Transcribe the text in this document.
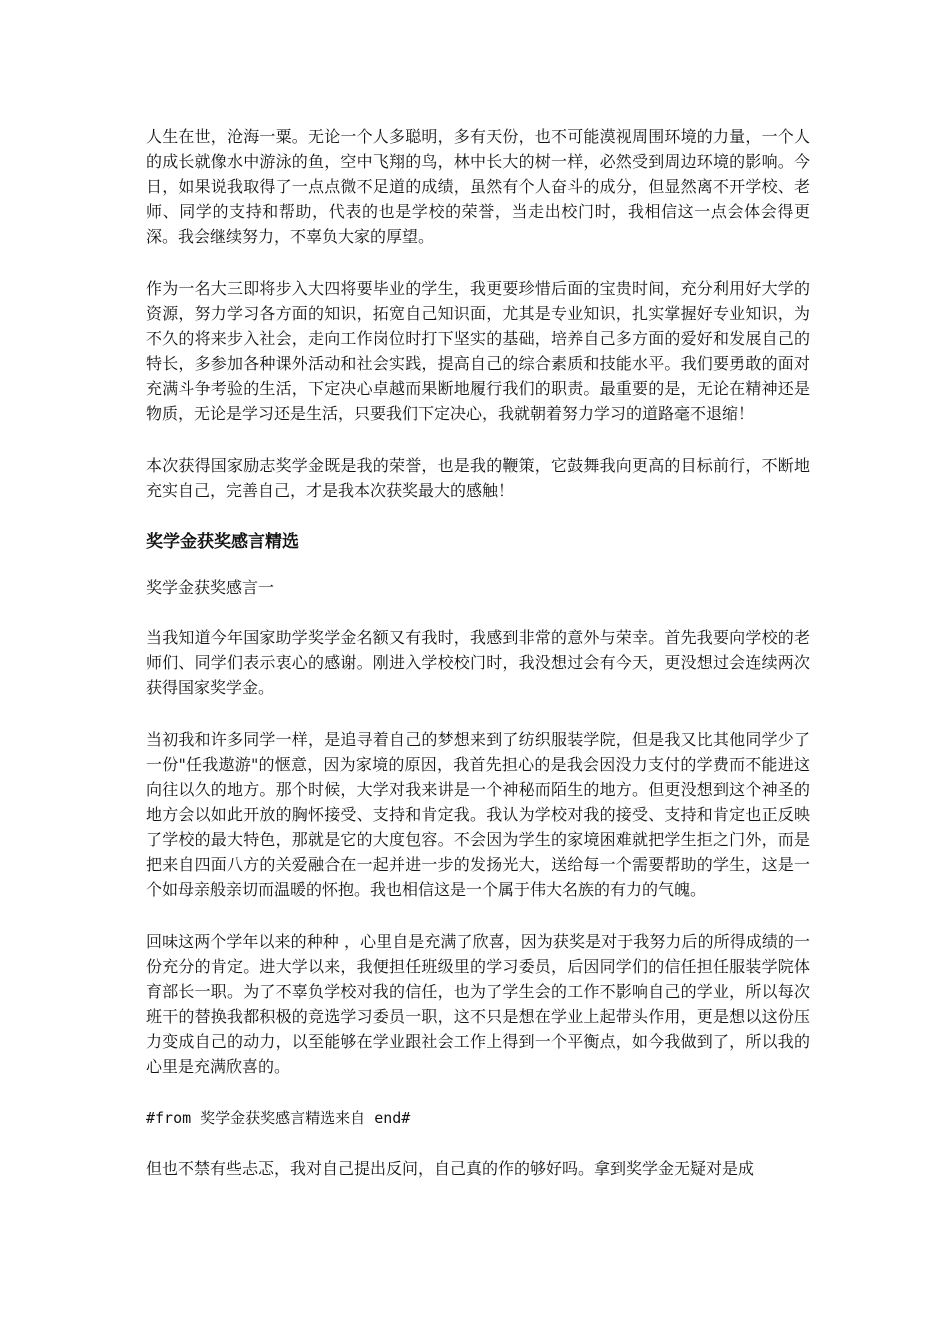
人生在世，沧海一粟。无论一个人多聪明，多有天份，也不可能漠视周围环境的力量，一个人的成长就像水中游泳的鱼，空中飞翔的鸟，林中长大的树一样，必然受到周边环境的影响。今日，如果说我取得了一点点微不足道的成绩，虽然有个人奋斗的成分，但显然离不开学校、老师、同学的支持和帮助，代表的也是学校的荣誉，当走出校门时，我相信这一点会体会得更深。我会继续努力，不辜负大家的厚望。

作为一名大三即将步入大四将要毕业的学生，我更要珍惜后面的宝贵时间，充分利用好大学的资源，努力学习各方面的知识，拓宽自己知识面，尤其是专业知识，扎实掌握好专业知识，为不久的将来步入社会，走向工作岗位时打下坚实的基础，培养自己多方面的爱好和发展自己的特长，多参加各种课外活动和社会实践，提高自己的综合素质和技能水平。我们要勇敢的面对充满斗争考验的生活，下定决心卓越而果断地履行我们的职责。最重要的是，无论在精神还是物质，无论是学习还是生活，只要我们下定决心，我就朝着努力学习的道路毫不退缩！

本次获得国家励志奖学金既是我的荣誉，也是我的鞭策，它鼓舞我向更高的目标前行，不断地充实自己，完善自己，才是我本次获奖最大的感触！

奖学金获奖感言精选

奖学金获奖感言一

当我知道今年国家助学奖学金名额又有我时，我感到非常的意外与荣幸。首先我要向学校的老师们、同学们表示衷心的感谢。刚进入学校校门时，我没想过会有今天，更没想过会连续两次获得国家奖学金。

当初我和许多同学一样，是追寻着自己的梦想来到了纺织服装学院，但是我又比其他同学少了一份"任我遨游"的惬意，因为家境的原因，我首先担心的是我会因没力支付的学费而不能进这向往以久的地方。那个时候，大学对我来讲是一个神秘而陌生的地方。但更没想到这个神圣的地方会以如此开放的胸怀接受、支持和肯定我。我认为学校对我的接受、支持和肯定也正反映了学校的最大特色，那就是它的大度包容。不会因为学生的家境困难就把学生拒之门外，而是把来自四面八方的关爱融合在一起并进一步的发扬光大，送给每一个需要帮助的学生，这是一个如母亲般亲切而温暖的怀抱。我也相信这是一个属于伟大名族的有力的气魄。

回味这两个学年以来的种种 ，心里自是充满了欣喜，因为获奖是对于我努力后的所得成绩的一份充分的肯定。进大学以来，我便担任班级里的学习委员，后因同学们的信任担任服装学院体育部长一职。为了不辜负学校对我的信任，也为了学生会的工作不影响自己的学业，所以每次班干的替换我都积极的竞选学习委员一职，这不只是想在学业上起带头作用，更是想以这份压力变成自己的动力，以至能够在学业跟社会工作上得到一个平衡点，如今我做到了，所以我的心里是充满欣喜的。

#from 奖学金获奖感言精选来自 end#

但也不禁有些忐忑，我对自己提出反问，自己真的作的够好吗。拿到奖学金无疑对是成
